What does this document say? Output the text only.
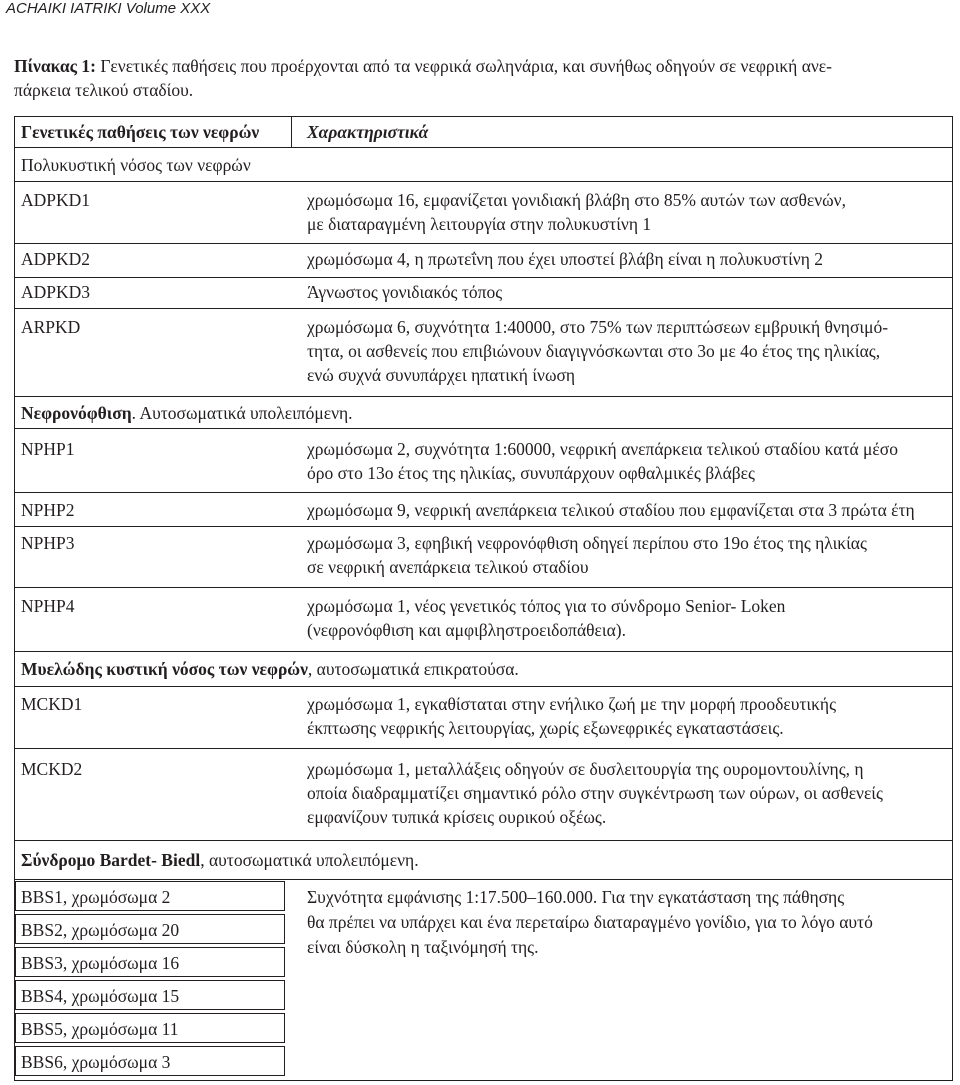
ACHAIKI IATRIKI Volume XXX
Πίνακας 1: Γενετικές παθήσεις που προέρχονται από τα νεφρικά σωληνάρια, και συνήθως οδηγούν σε νεφρική ανε-
πάρκεια τελικού σταδίου.
Γενετικές παθήσεις των νεφρών	Χαρακτηριστικά
Πολυκυστική νόσος των νεφρών
ADPKD1	χρωμόσωμα 16, εμφανίζεται γονιδιακή βλάβη στο 85% αυτών των ασθενών,
με διαταραγμένη λειτουργία στην πολυκυστίνη 1
ADPKD2	χρωμόσωμα 4, η πρωτεΐνη που έχει υποστεί βλάβη είναι η πολυκυστίνη 2
ADPKD3	Άγνωστος γονιδιακός τόπος
ARPKD	χρωμόσωμα 6, συχνότητα 1:40000, στο 75% των περιπτώσεων εμβρυική θνησιμό-
τητα, οι ασθενείς που επιβιώνουν διαγιγνόσκωνται στο 3ο με 4ο έτος της ηλικίας,
ενώ συχνά συνυπάρχει ηπατική ίνωση
Νεφρονόφθιση. Αυτοσωματικά υπολειπόμενη.
NPHP1	χρωμόσωμα 2, συχνότητα 1:60000, νεφρική ανεπάρκεια τελικού σταδίου κατά μέσο
όρο στο 13ο έτος της ηλικίας, συνυπάρχουν οφθαλμικές βλάβες
NPHP2	χρωμόσωμα 9, νεφρική ανεπάρκεια τελικού σταδίου που εμφανίζεται στα 3 πρώτα έτη
NPHP3	χρωμόσωμα 3, εφηβική νεφρονόφθιση οδηγεί περίπου στο 19ο έτος της ηλικίας
σε νεφρική ανεπάρκεια τελικού σταδίου
NPHP4	χρωμόσωμα 1, νέος γενετικός τόπος για το σύνδρομο Senior- Loken
(νεφρονόφθιση και αμφιβληστροειδοπάθεια).
Μυελώδης κυστική νόσος των νεφρών, αυτοσωματικά επικρατούσα.
MCKD1	χρωμόσωμα 1, εγκαθίσταται στην ενήλικο ζωή με την μορφή προοδευτικής
έκπτωσης νεφρικής λειτουργίας, χωρίς εξωνεφρικές εγκαταστάσεις.
MCKD2	χρωμόσωμα 1, μεταλλάξεις οδηγούν σε δυσλειτουργία της ουρομοντουλίνης, η
οποία διαδραμματίζει σημαντικό ρόλο στην συγκέντρωση των ούρων, οι ασθενείς
εμφανίζουν τυπικά κρίσεις ουρικού οξέως.
Σύνδρομο Bardet- Biedl, αυτοσωματικά υπολειπόμενη.
BBS1, χρωμόσωμα 2
BBS2, χρωμόσωμα 20
BBS3, χρωμόσωμα 16
BBS4, χρωμόσωμα 15
BBS5, χρωμόσωμα 11
BBS6, χρωμόσωμα 3
Συχνότητα εμφάνισης 1:17.500–160.000. Για την εγκατάσταση της πάθησης
θα πρέπει να υπάρχει και ένα περεταίρω διαταραγμένο γονίδιο, για το λόγο αυτό
είναι δύσκολη η ταξινόμησή της.
